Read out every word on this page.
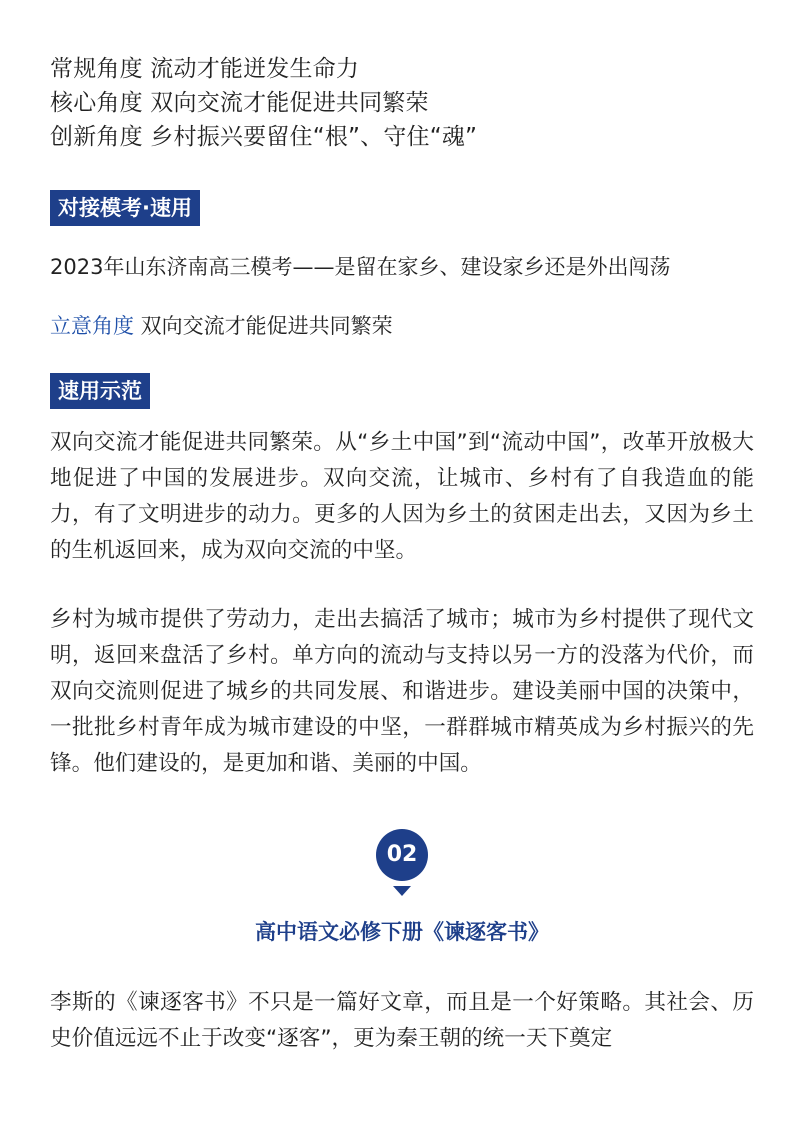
常规角度 流动才能迸发生命力
核心角度 双向交流才能促进共同繁荣
创新角度 乡村振兴要留住“根”、守住“魂”
对接模考·速用
2023年山东济南高三模考——是留在家乡、建设家乡还是外出闯荡
立意角度 双向交流才能促进共同繁荣
速用示范
双向交流才能促进共同繁荣。从“乡土中国”到“流动中国”，改革开放极大地促进了中国的发展进步。双向交流，让城市、乡村有了自我造血的能力，有了文明进步的动力。更多的人因为乡土的贫困走出去，又因为乡土的生机返回来，成为双向交流的中坚。
乡村为城市提供了劳动力，走出去搞活了城市；城市为乡村提供了现代文明，返回来盘活了乡村。单方向的流动与支持以另一方的没落为代价，而双向交流则促进了城乡的共同发展、和谐进步。建设美丽中国的决策中，一批批乡村青年成为城市建设的中坚，一群群城市精英成为乡村振兴的先锋。他们建设的，是更加和谐、美丽的中国。
02
高中语文必修下册《谏逐客书》
李斯的《谏逐客书》不只是一篇好文章，而且是一个好策略。其社会、历史价值远远不止于改变“逐客”，更为秦王朝的统一天下奠定
